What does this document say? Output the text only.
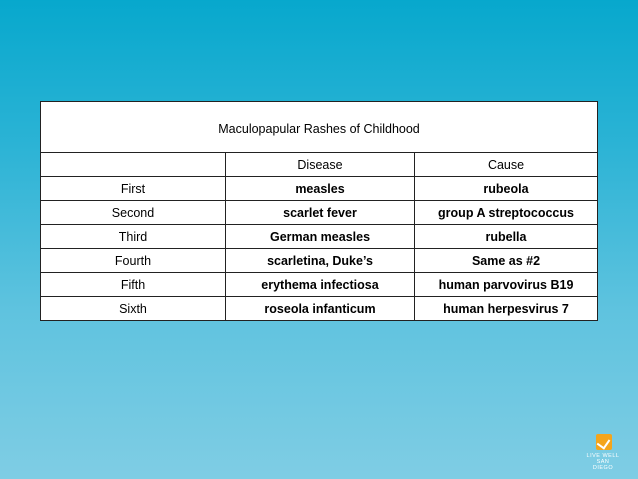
Maculopapular Rashes of Childhood		
	Disease	Cause
First	measles	rubeola
Second	scarlet fever	group A streptococcus
Third	German measles	rubella
Fourth	scarletina, Duke’s	Same as #2
Fifth	erythema infectiosa	human parvovirus B19
Sixth	roseola infanticum	human herpesvirus 7
LIVE WELL
SAN DIEGO
